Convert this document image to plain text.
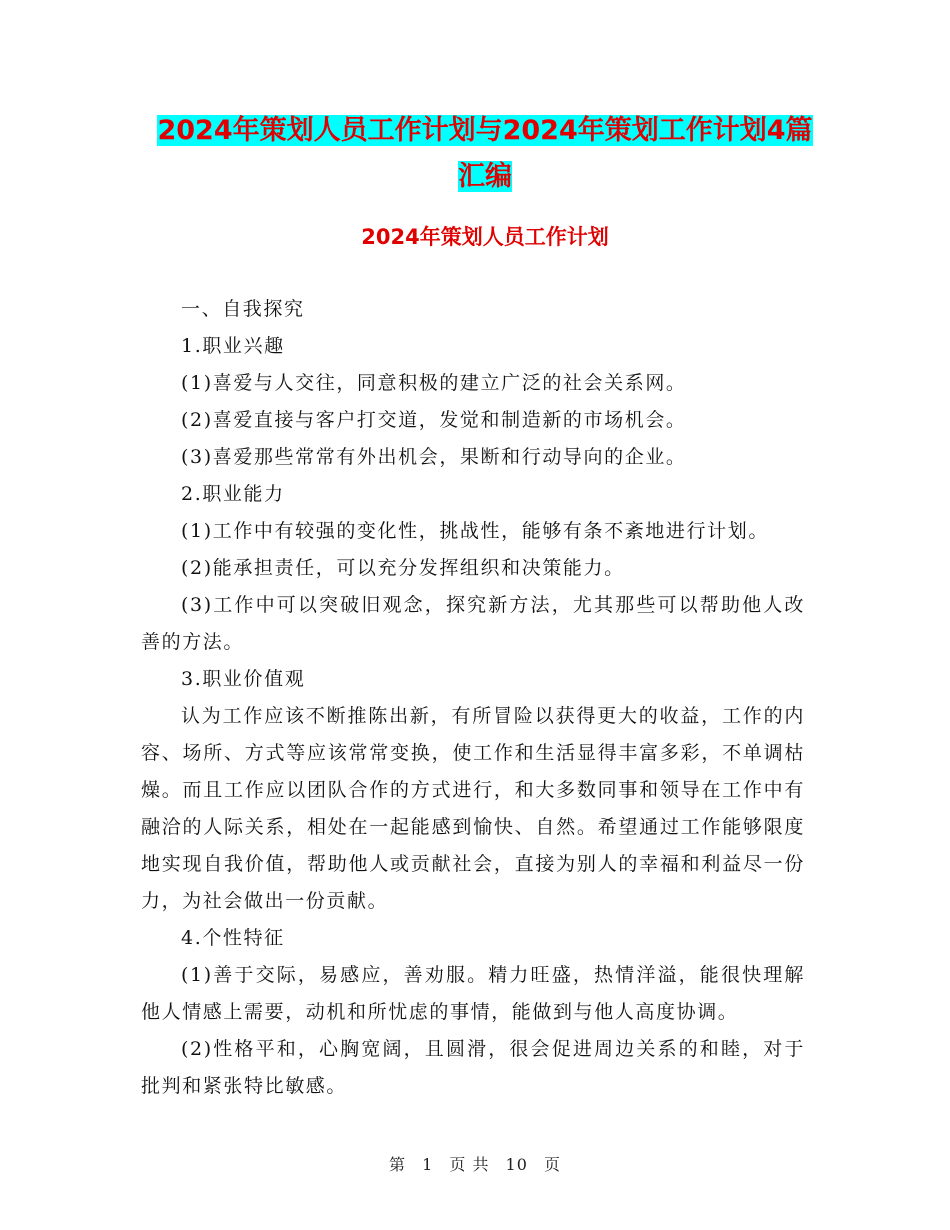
2024年策划人员工作计划与2024年策划工作计划4篇
汇编
2024年策划人员工作计划

一、自我探究

1.职业兴趣

(1)喜爱与人交往，同意积极的建立广泛的社会关系网。

(2)喜爱直接与客户打交道，发觉和制造新的市场机会。

(3)喜爱那些常常有外出机会，果断和行动导向的企业。

2.职业能力

(1)工作中有较强的变化性，挑战性，能够有条不紊地进行计划。

(2)能承担责任，可以充分发挥组织和决策能力。

(3)工作中可以突破旧观念，探究新方法，尤其那些可以帮助他人改善的方法。

3.职业价值观

认为工作应该不断推陈出新，有所冒险以获得更大的收益，工作的内容、场所、方式等应该常常变换，使工作和生活显得丰富多彩，不单调枯燥。而且工作应以团队合作的方式进行，和大多数同事和领导在工作中有融洽的人际关系，相处在一起能感到愉快、自然。希望通过工作能够限度地实现自我价值，帮助他人或贡献社会，直接为别人的幸福和利益尽一份力，为社会做出一份贡献。

4.个性特征

(1)善于交际，易感应，善劝服。精力旺盛，热情洋溢，能很快理解他人情感上需要，动机和所忧虑的事情，能做到与他人高度协调。

(2)性格平和，心胸宽阔，且圆滑，很会促进周边关系的和睦，对于批判和紧张特比敏感。

第 1 页 共 10 页
